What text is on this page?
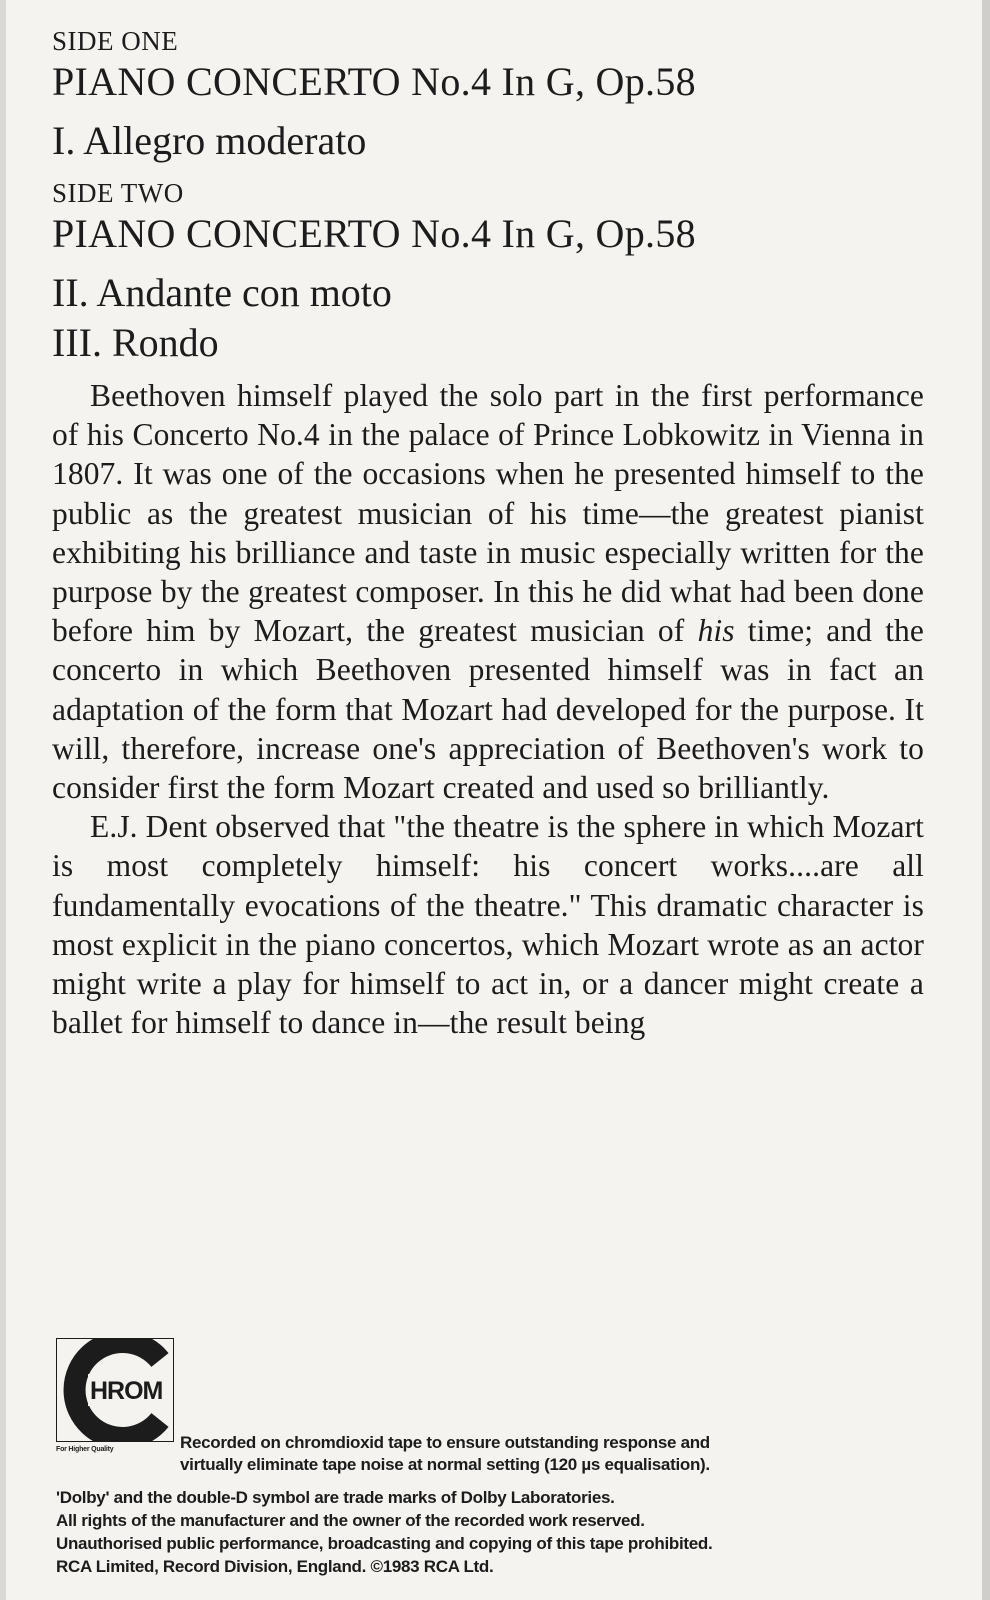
SIDE ONE

PIANO CONCERTO No.4 In G, Op.58

I. Allegro moderato

SIDE TWO

PIANO CONCERTO No.4 In G, Op.58

II. Andante con moto

III. Rondo

Beethoven himself played the solo part in the first performance of his Concerto No.4 in the palace of Prince Lobkowitz in Vienna in 1807. It was one of the occasions when he presented himself to the public as the greatest musician of his time—the greatest pianist exhibiting his brilliance and taste in music especially written for the purpose by the greatest composer. In this he did what had been done before him by Mozart, the greatest musician of his time; and the concerto in which Beethoven presented himself was in fact an adaptation of the form that Mozart had developed for the purpose. It will, therefore, increase one's appreciation of Beethoven's work to consider first the form Mozart created and used so brilliantly.

E.J. Dent observed that "the theatre is the sphere in which Mozart is most completely himself: his concert works....are all fundamentally evocations of the theatre." This dramatic character is most explicit in the piano concertos, which Mozart wrote as an actor might write a play for himself to act in, or a dancer might create a ballet for himself to dance in—the result being

HROM
For Higher Quality	Recorded on chromdioxid tape to ensure outstanding response and

virtually eliminate tape noise at normal setting (120 µs equalisation).

'Dolby' and the double-D symbol are trade marks of Dolby Laboratories.

All rights of the manufacturer and the owner of the recorded work reserved.

Unauthorised public performance, broadcasting and copying of this tape prohibited.

RCA Limited, Record Division, England. ©1983 RCA Ltd.
